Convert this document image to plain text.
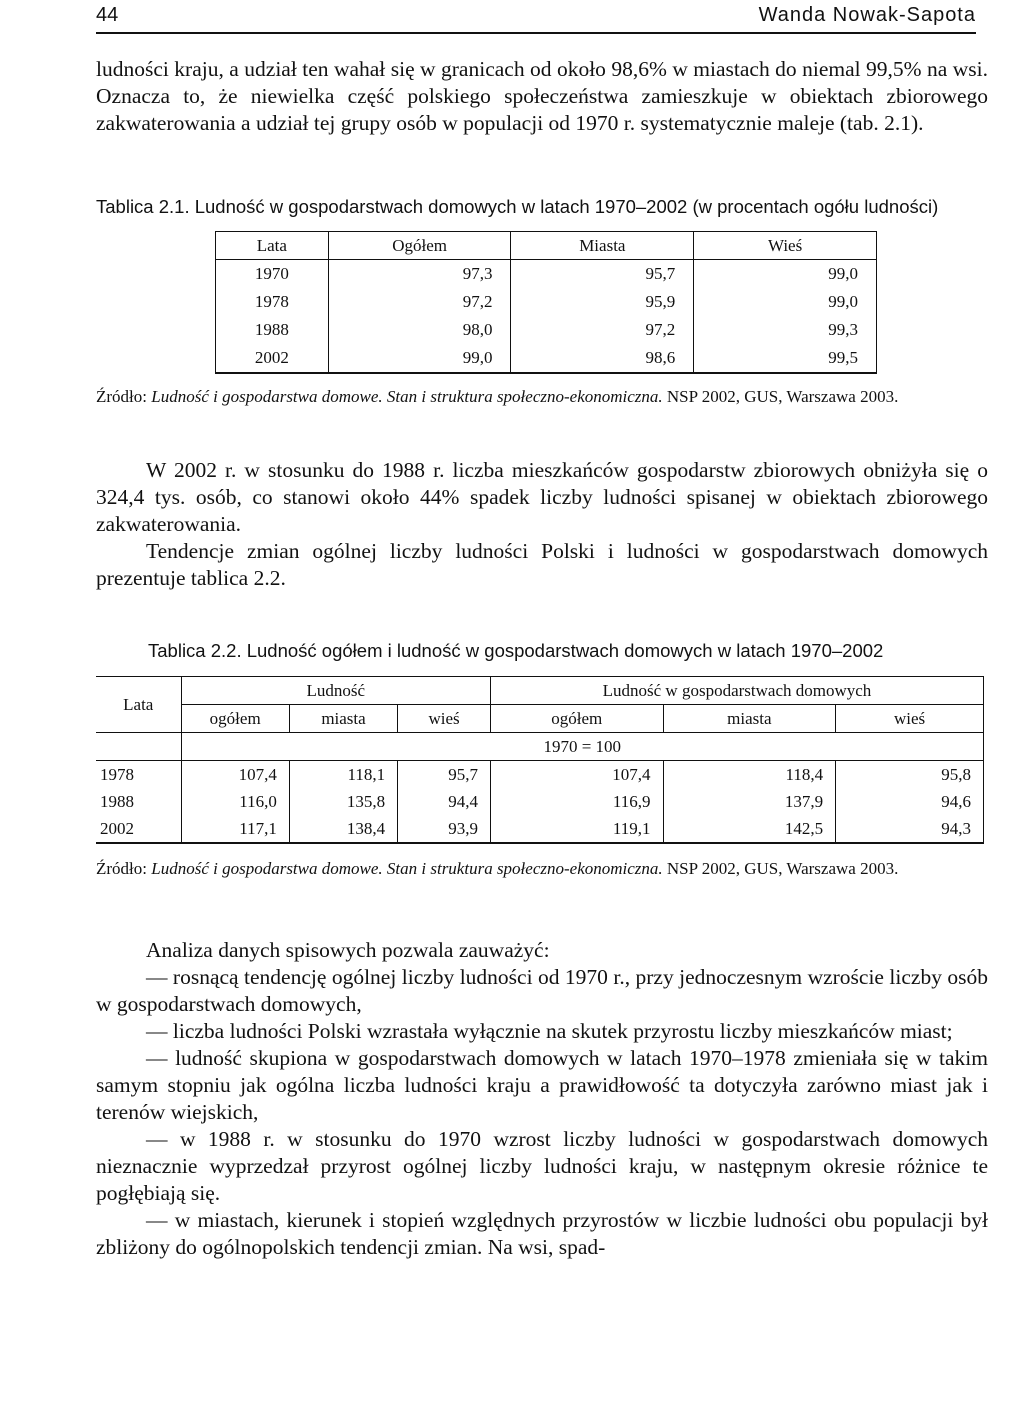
44	Wanda Nowak-Sapota

ludności kraju, a udział ten wahał się w granicach od około 98,6% w miastach do niemal 99,5% na wsi. Oznacza to, że niewielka część polskiego społeczeństwa zamieszkuje w obiektach zbiorowego zakwaterowania a udział tej grupy osób w populacji od 1970 r. systematycznie maleje (tab. 2.1).

Tablica 2.1. Ludność w gospodarstwach domowych w latach 1970–2002 (w procentach ogółu ludności)
Lata	Ogółem	Miasta	Wieś
1970	97,3	95,7	99,0
1978	97,2	95,9	99,0
1988	98,0	97,2	99,3
2002	99,0	98,6	99,5

Źródło: Ludność i gospodarstwa domowe. Stan i struktura społeczno-ekonomiczna. NSP 2002, GUS, Warszawa 2003.

W 2002 r. w stosunku do 1988 r. liczba mieszkańców gospodarstw zbiorowych obniżyła się o 324,4 tys. osób, co stanowi około 44% spadek liczby ludności spisanej w obiektach zbiorowego zakwaterowania.
Tendencje zmian ogólnej liczby ludności Polski i ludności w gospodarstwach domowych prezentuje tablica 2.2.

Tablica 2.2. Ludność ogółem i ludność w gospodarstwach domowych w latach 1970–2002
Lata	Ludność			Ludność w gospodarstwach domowych		
	ogółem	miasta	wieś	ogółem	miasta	wieś
	1970 = 100					
1978	107,4	118,1	95,7	107,4	118,4	95,8
1988	116,0	135,8	94,4	116,9	137,9	94,6
2002	117,1	138,4	93,9	119,1	142,5	94,3

Źródło: Ludność i gospodarstwa domowe. Stan i struktura społeczno-ekonomiczna. NSP 2002, GUS, Warszawa 2003.

Analiza danych spisowych pozwala zauważyć:
— rosnącą tendencję ogólnej liczby ludności od 1970 r., przy jednoczesnym wzroście liczby osób w gospodarstwach domowych,
— liczba ludności Polski wzrastała wyłącznie na skutek przyrostu liczby mieszkańców miast;
— ludność skupiona w gospodarstwach domowych w latach 1970–1978 zmieniała się w takim samym stopniu jak ogólna liczba ludności kraju a prawidłowość ta dotyczyła zarówno miast jak i terenów wiejskich,
— w 1988 r. w stosunku do 1970 wzrost liczby ludności w gospodarstwach domowych nieznacznie wyprzedzał przyrost ogólnej liczby ludności kraju, w następnym okresie różnice te pogłębiają się.
— w miastach, kierunek i stopień względnych przyrostów w liczbie ludności obu populacji był zbliżony do ogólnopolskich tendencji zmian. Na wsi, spad-
